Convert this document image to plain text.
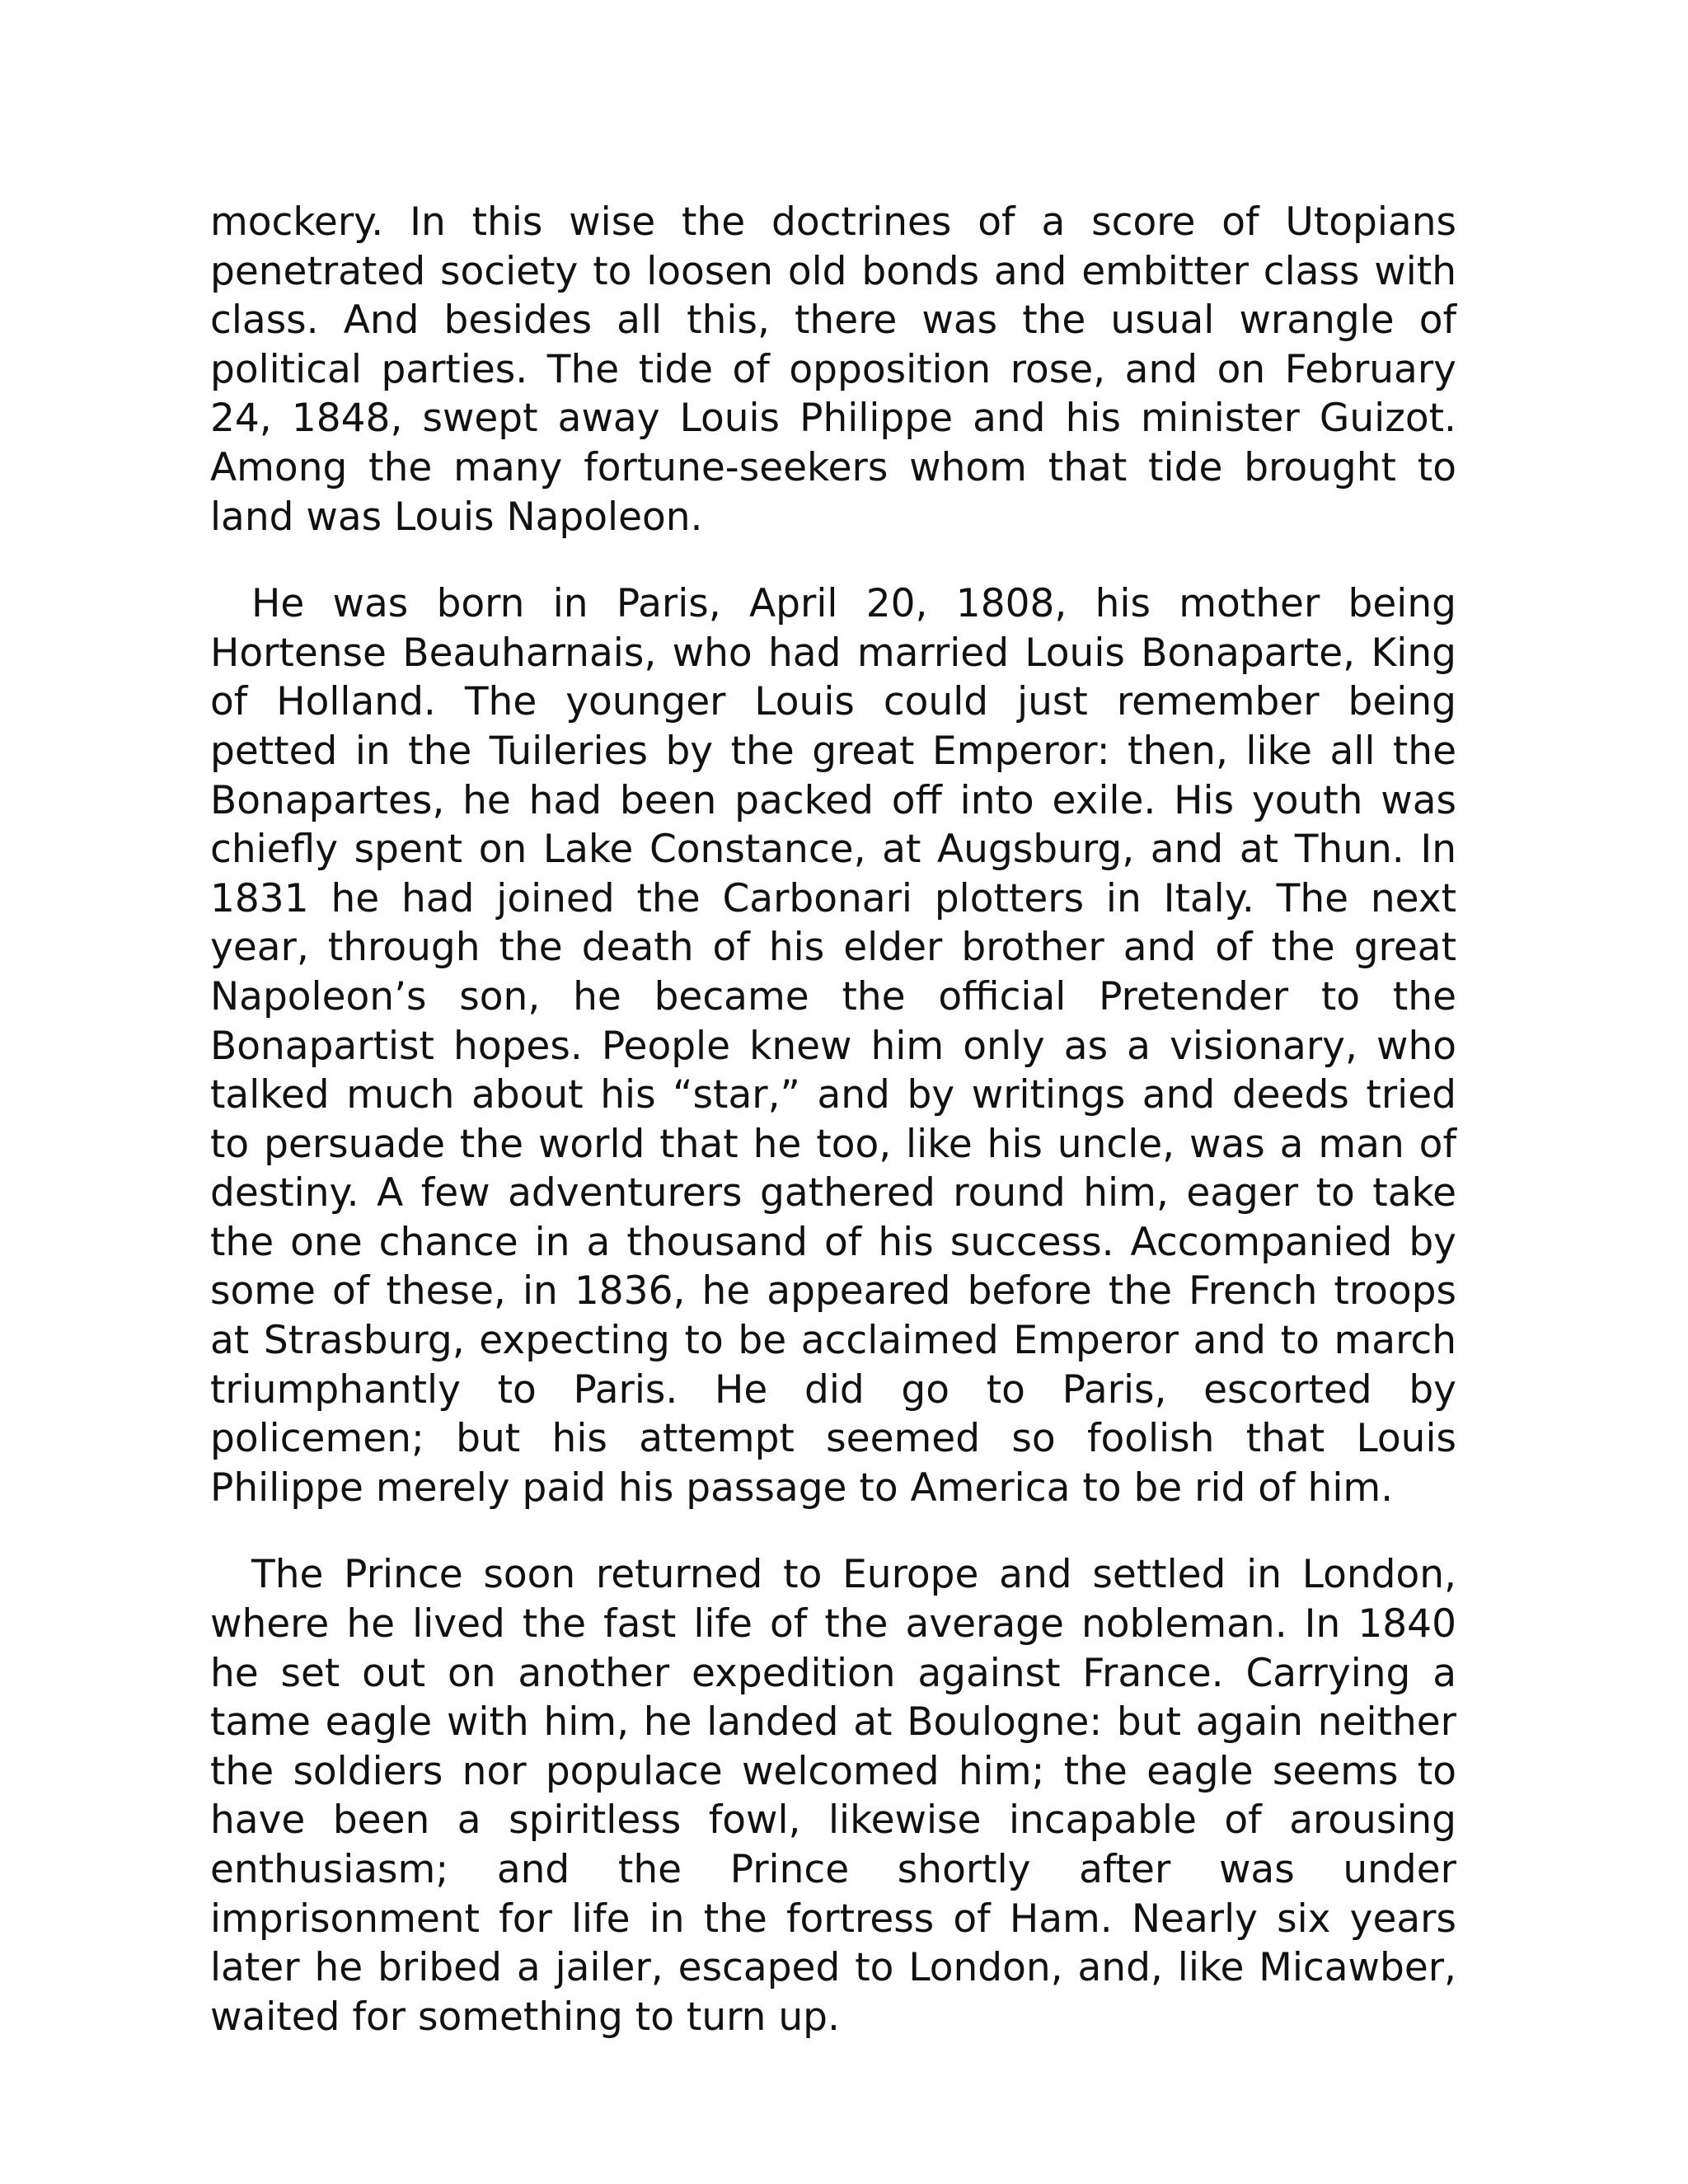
mockery. In this wise the doctrines of a score of Utopians penetrated society to loosen old bonds and embitter class with class. And besides all this, there was the usual wrangle of political parties. The tide of opposition rose, and on February 24, 1848, swept away Louis Philippe and his minister Guizot. Among the many fortune-seekers whom that tide brought to land was Louis Napoleon.

He was born in Paris, April 20, 1808, his mother being Hortense Beauharnais, who had married Louis Bonaparte, King of Holland. The younger Louis could just remember being petted in the Tuileries by the great Emperor: then, like all the Bonapartes, he had been packed off into exile. His youth was chiefly spent on Lake Constance, at Augsburg, and at Thun. In 1831 he had joined the Carbonari plotters in Italy. The next year, through the death of his elder brother and of the great Napoleon’s son, he became the official Pretender to the Bonapartist hopes. People knew him only as a visionary, who talked much about his “star,” and by writings and deeds tried to persuade the world that he too, like his uncle, was a man of destiny. A few adventurers gathered round him, eager to take the one chance in a thousand of his success. Accompanied by some of these, in 1836, he appeared before the French troops at Strasburg, expecting to be acclaimed Emperor and to march triumphantly to Paris. He did go to Paris, escorted by policemen; but his attempt seemed so foolish that Louis Philippe merely paid his passage to America to be rid of him.

The Prince soon returned to Europe and settled in London, where he lived the fast life of the average nobleman. In 1840 he set out on another expedition against France. Carrying a tame eagle with him, he landed at Boulogne: but again neither the soldiers nor populace welcomed him; the eagle seems to have been a spiritless fowl, likewise incapable of arousing enthusiasm; and the Prince shortly after was under imprisonment for life in the fortress of Ham. Nearly six years later he bribed a jailer, escaped to London, and, like Micawber, waited for something to turn up.
